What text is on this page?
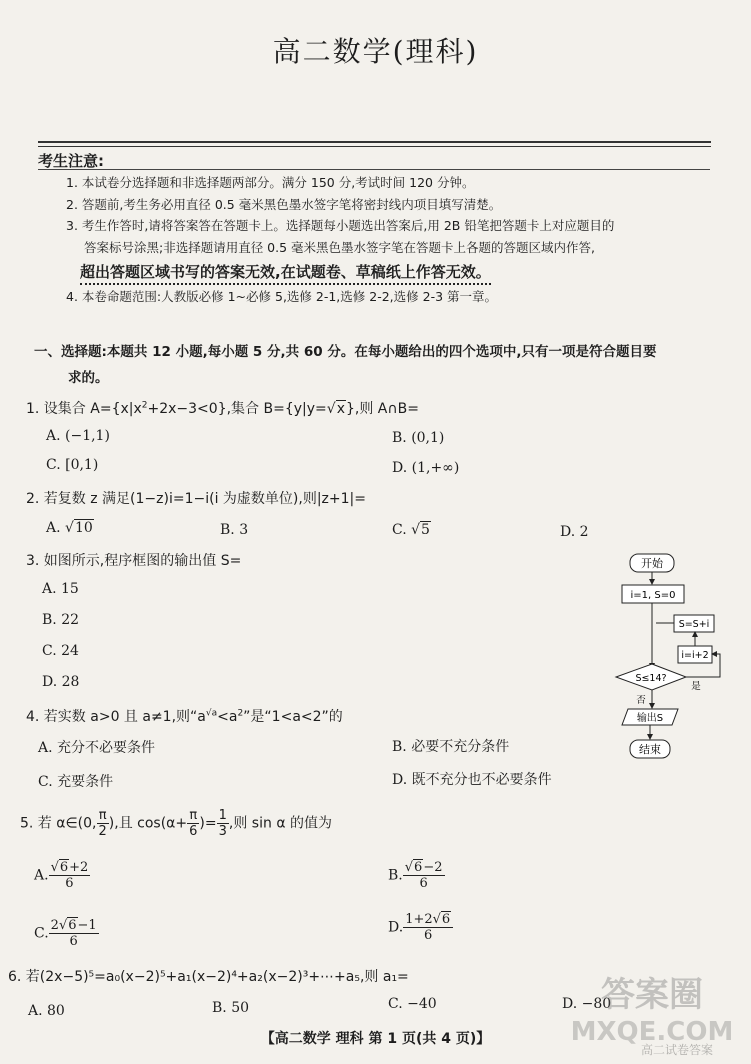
高二数学(理科)
考生注意:
1. 本试卷分选择题和非选择题两部分。满分 150 分,考试时间 120 分钟。
2. 答题前,考生务必用直径 0.5 毫米黑色墨水签字笔将密封线内项目填写清楚。
3. 考生作答时,请将答案答在答题卡上。选择题每小题选出答案后,用 2B 铅笔把答题卡上对应题目的
答案标号涂黑;非选择题请用直径 0.5 毫米黑色墨水签字笔在答题卡上各题的答题区域内作答,
超出答题区域书写的答案无效,在试题卷、草稿纸上作答无效。
4. 本卷命题范围:人教版必修 1~必修 5,选修 2-1,选修 2-2,选修 2-3 第一章。
一、选择题:本题共 12 小题,每小题 5 分,共 60 分。在每小题给出的四个选项中,只有一项是符合题目要
求的。
1. 设集合 $A=\{x|x^2+2x-3<0\}$,集合 B={y|y=√x},则 A∩B=
A. (−1,1)	B. (0,1)
C. [0,1)	D. (1,+∞)
2. 若复数 z 满足(1−z)i=1−i(i 为虚数单位),则|z+1|=
A. √10	B. 3	C. √5	D. 2
3. 如图所示,程序框图的输出值 S=
A. 15
B. 22
C. 24
D. 28
开始
i=1, S=0
S=S+i
i=i+2
S≤14?
是
否
输出S
结束
4. 若实数 a>0 且 a≠1,则“$a^{√a}<a^2$”是“1<a<2”的
A. 充分不必要条件	B. 必要不充分条件
C. 充要条件	D. 既不充分也不必要条件
5. 若 α∈(0, $\frac{\pi}{2}$ ),且 $\cos(\alpha+ \frac{\pi}{6}$ )= $\frac{1}{3}$ ,则 sin α 的值为
A. $\frac{√6+2}{6}$	B. $\frac{√6-2}{6}$
C. $\frac{2√6-1}{6}$	D. $\frac{1+2√6}{6}$
6. 若(2x−5)⁵=a₀(x−2)⁵+a₁(x−2)⁴+a₂(x−2)³+⋯+a₅,则 a₁=
A. 80	B. 50	C. −40	D. −80
【高二数学 理科 第 1 页(共 4 页)】
答案圈
MXQE.COM
高二试卷答案
